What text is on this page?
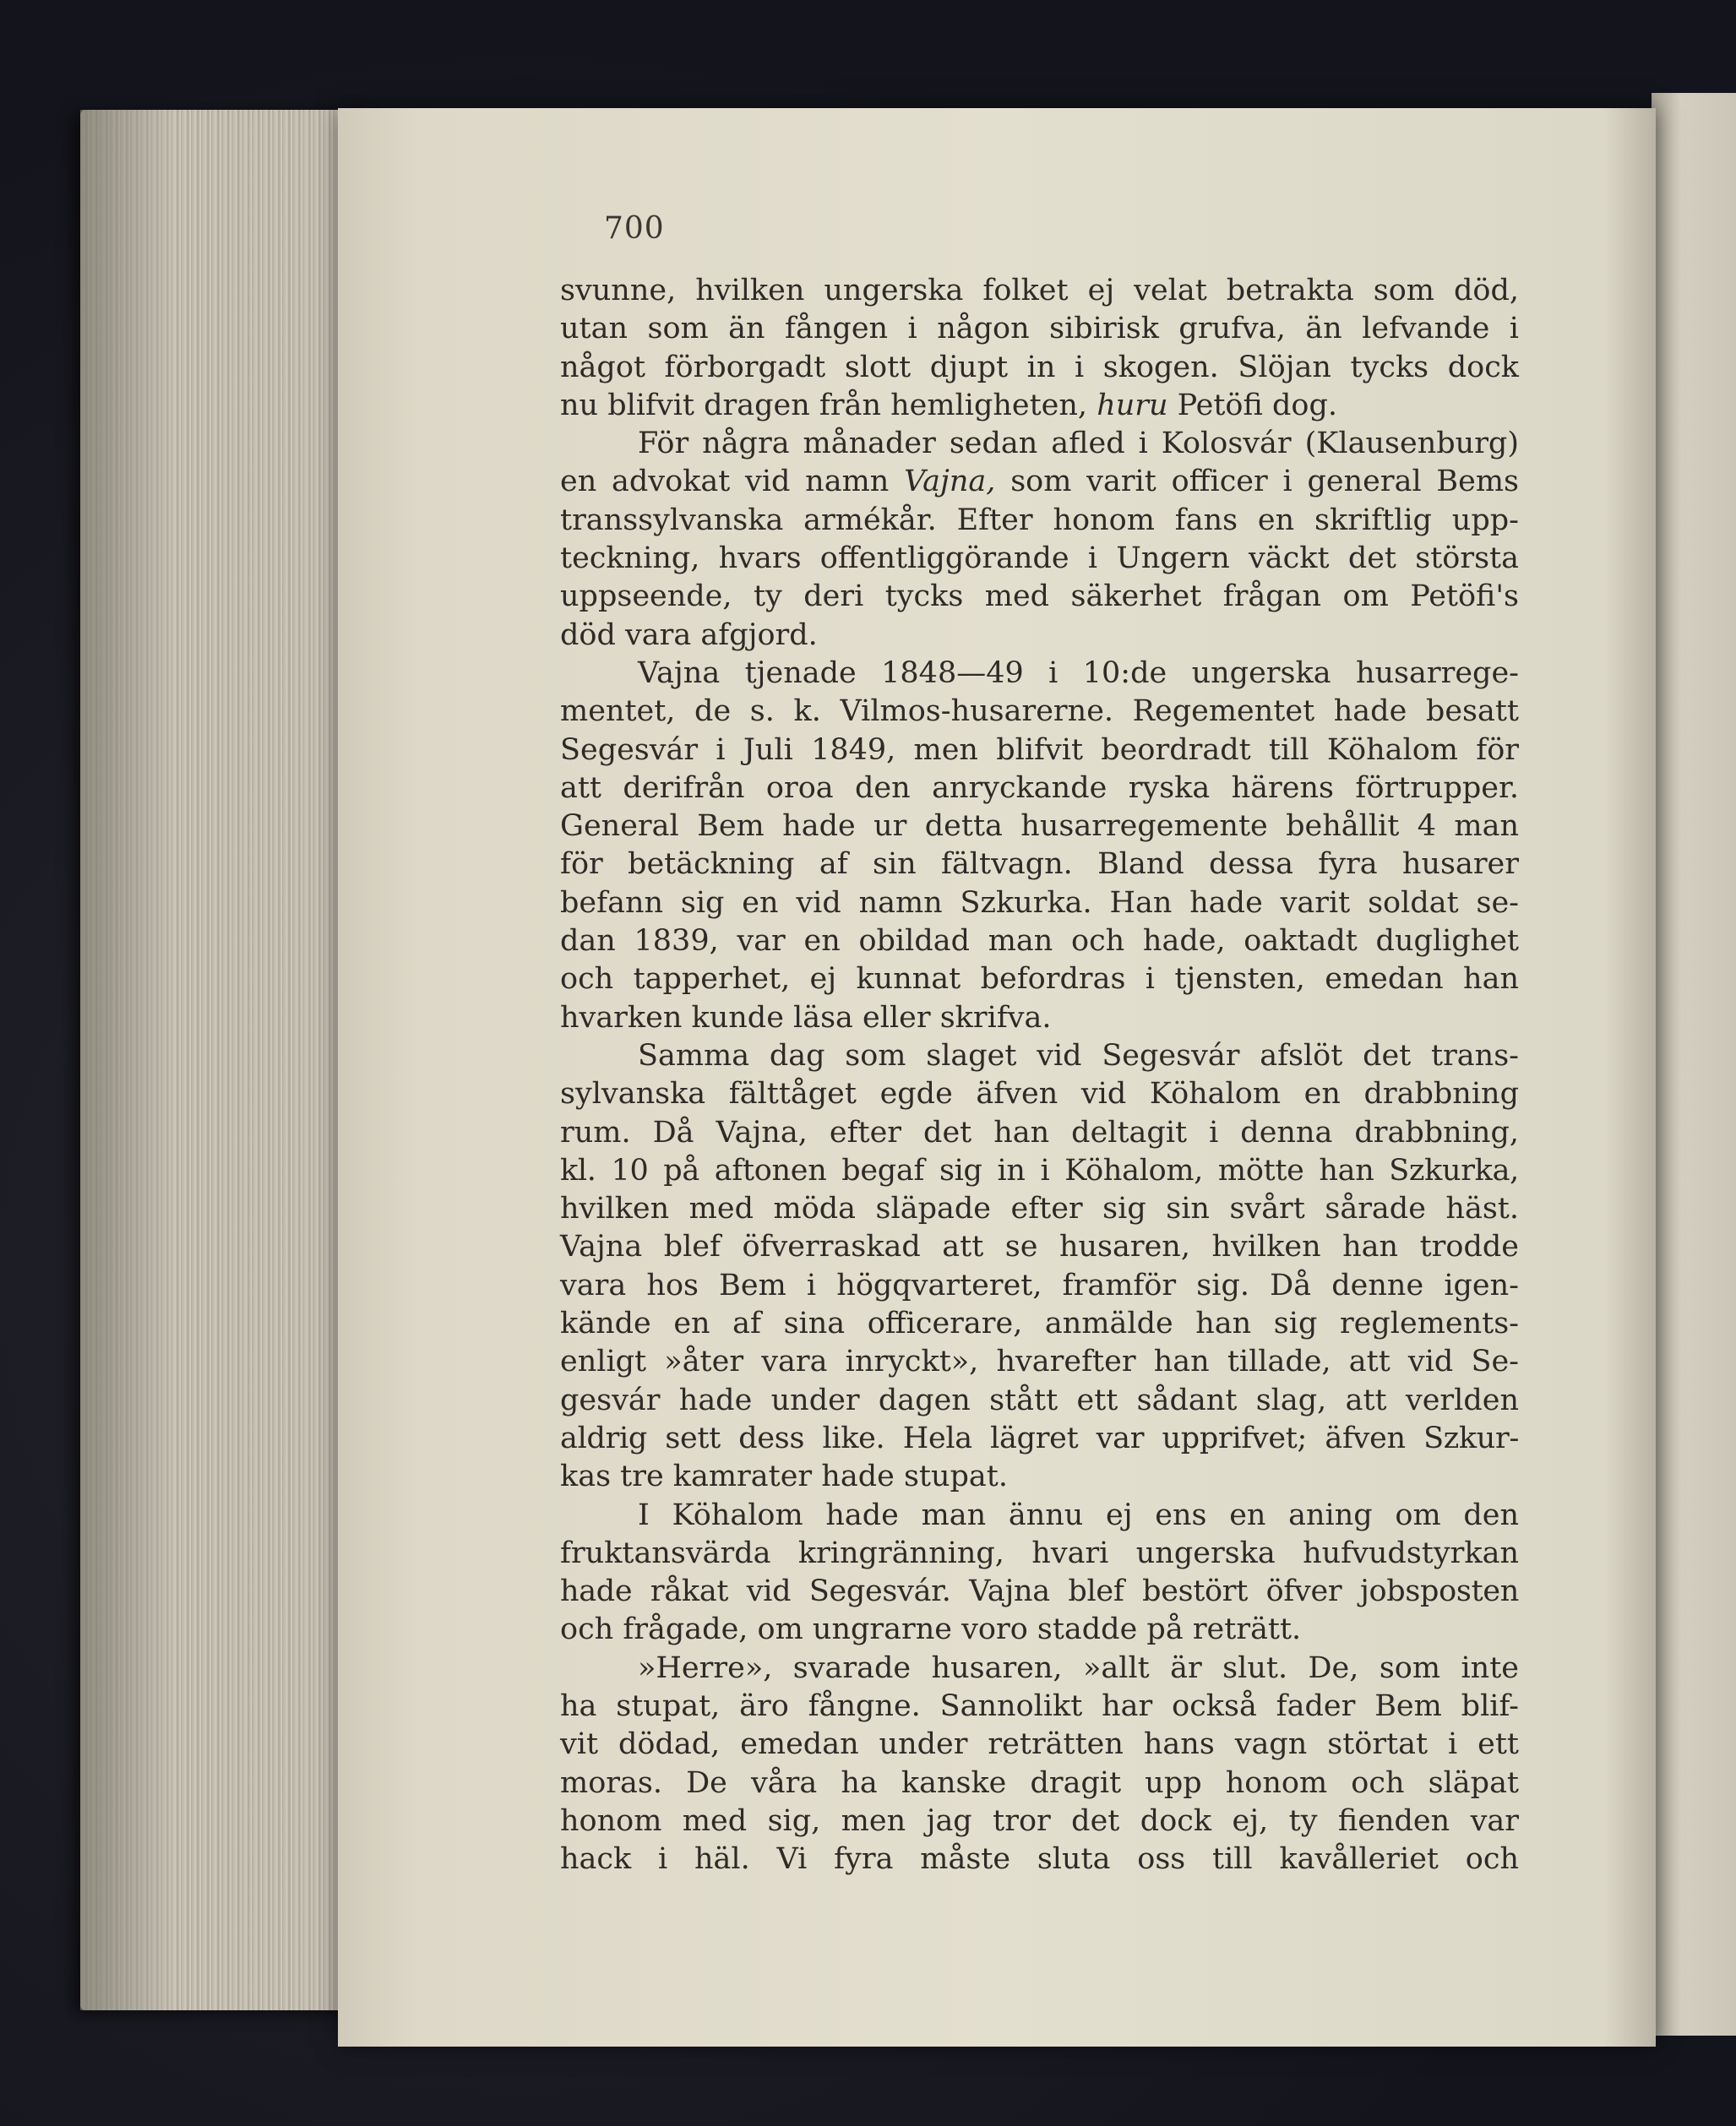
700
svunne, hvilken ungerska folket ej velat betrakta som död,
utan som än fången i någon sibirisk grufva, än lefvande i
något förborgadt slott djupt in i skogen. Slöjan tycks dock
nu blifvit dragen från hemligheten, huru Petöfi dog.
För några månader sedan afled i Kolosvár (Klausenburg)
en advokat vid namn Vajna, som varit officer i general Bems
transsylvanska armékår. Efter honom fans en skriftlig upp-
teckning, hvars offentliggörande i Ungern väckt det största
uppseende, ty deri tycks med säkerhet frågan om Petöfi's
död vara afgjord.
Vajna tjenade 1848—49 i 10:de ungerska husarrege-
mentet, de s. k. Vilmos-husarerne. Regementet hade besatt
Segesvár i Juli 1849, men blifvit beordradt till Köhalom för
att derifrån oroa den anryckande ryska härens förtrupper.
General Bem hade ur detta husarregemente behållit 4 man
för betäckning af sin fältvagn. Bland dessa fyra husarer
befann sig en vid namn Szkurka. Han hade varit soldat se-
dan 1839, var en obildad man och hade, oaktadt duglighet
och tapperhet, ej kunnat befordras i tjensten, emedan han
hvarken kunde läsa eller skrifva.
Samma dag som slaget vid Segesvár afslöt det trans-
sylvanska fälttåget egde äfven vid Köhalom en drabbning
rum. Då Vajna, efter det han deltagit i denna drabbning,
kl. 10 på aftonen begaf sig in i Köhalom, mötte han Szkurka,
hvilken med möda släpade efter sig sin svårt sårade häst.
Vajna blef öfverraskad att se husaren, hvilken han trodde
vara hos Bem i högqvarteret, framför sig. Då denne igen-
kände en af sina officerare, anmälde han sig reglements-
enligt »åter vara inryckt», hvarefter han tillade, att vid Se-
gesvár hade under dagen stått ett sådant slag, att verlden
aldrig sett dess like. Hela lägret var upprifvet; äfven Szkur-
kas tre kamrater hade stupat.
I Köhalom hade man ännu ej ens en aning om den
fruktansvärda kringränning, hvari ungerska hufvudstyrkan
hade råkat vid Segesvár. Vajna blef bestört öfver jobsposten
och frågade, om ungrarne voro stadde på reträtt.
»Herre», svarade husaren, »allt är slut. De, som inte
ha stupat, äro fångne. Sannolikt har också fader Bem blif-
vit dödad, emedan under reträtten hans vagn störtat i ett
moras. De våra ha kanske dragit upp honom och släpat
honom med sig, men jag tror det dock ej, ty fienden var
hack i häl. Vi fyra måste sluta oss till kavålleriet och
